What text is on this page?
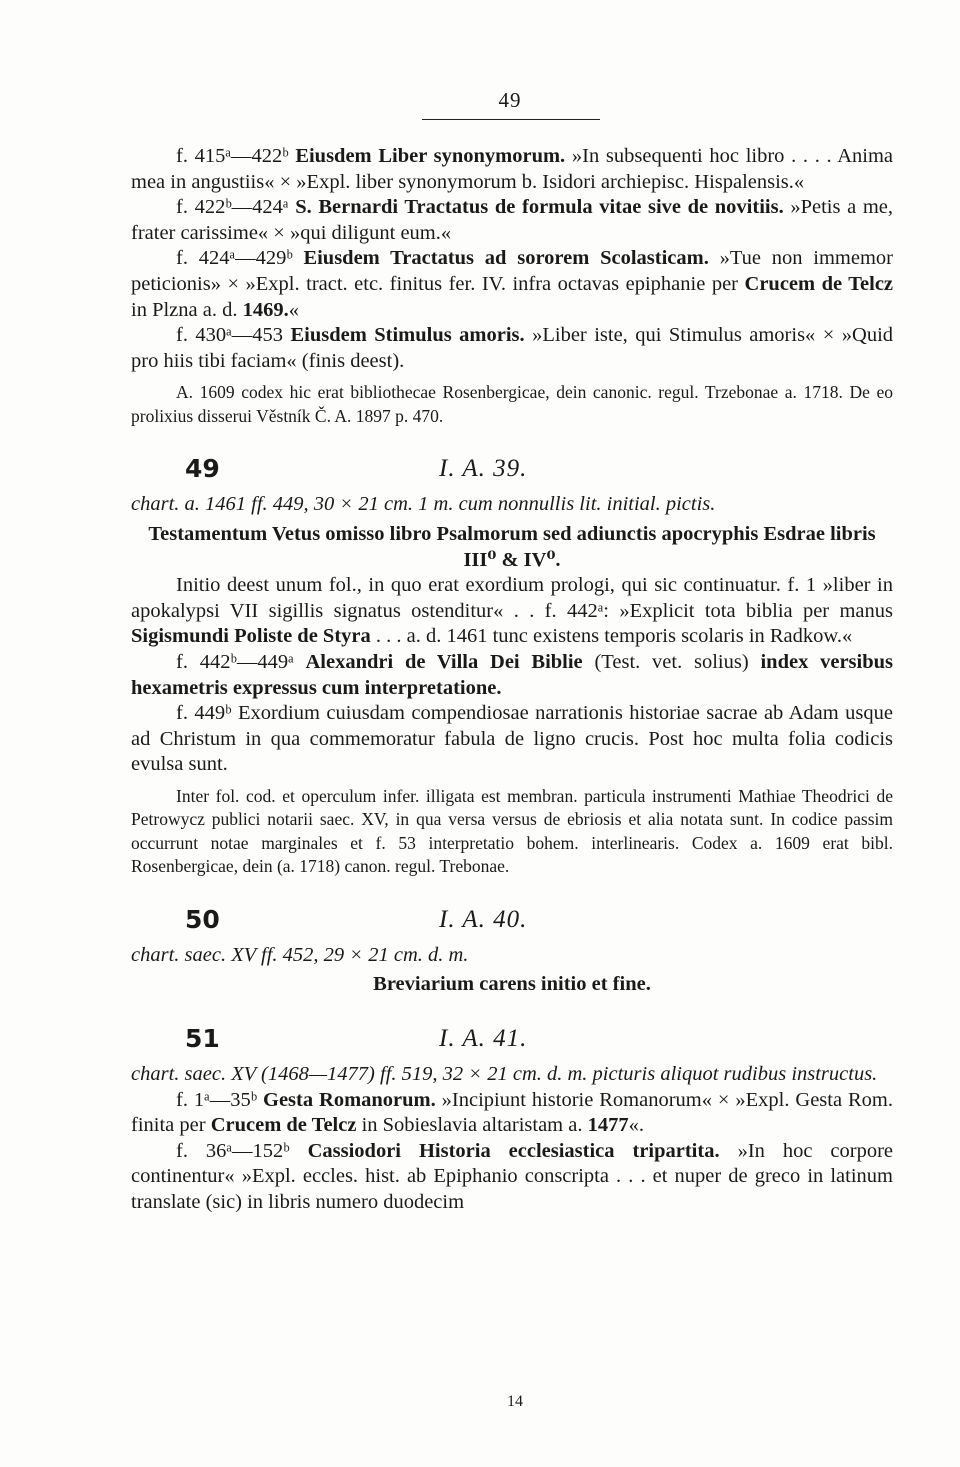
49

f. 415ᵃ—422ᵇ Eiusdem Liber synonymorum. »In subsequenti hoc libro . . . . Anima mea in angustiis« × »Expl. liber synonymorum b. Isidori archiepisc. Hispalensis.«

f. 422ᵇ—424ᵃ S. Bernardi Tractatus de formula vitae sive de novitiis. »Petis a me, frater carissime« × »qui diligunt eum.«

f. 424ᵃ—429ᵇ Eiusdem Tractatus ad sororem Scolasticam. »Tue non immemor peticionis» × »Expl. tract. etc. finitus fer. IV. infra octavas epiphanie per Crucem de Telcz in Plzna a. d. 1469.«

f. 430ᵃ—453 Eiusdem Stimulus amoris. »Liber iste, qui Stimulus amoris« × »Quid pro hiis tibi faciam« (finis deest).

A. 1609 codex hic erat bibliothecae Rosenbergicae, dein canonic. regul. Trzebonae a. 1718. De eo prolixius disserui Věstník Č. A. 1897 p. 470.

49	I. A. 39.

chart. a. 1461 ff. 449, 30 × 21 cm. 1 m. cum nonnullis lit. initial. pictis.

Testamentum Vetus omisso libro Psalmorum sed adiunctis apocryphis Esdrae libris III⁰ & IV⁰.

Initio deest unum fol., in quo erat exordium prologi, qui sic continuatur. f. 1 »liber in apokalypsi VII sigillis signatus ostenditur« . . f. 442ᵃ: »Explicit tota biblia per manus Sigismundi Poliste de Styra . . . a. d. 1461 tunc existens temporis scolaris in Radkow.«

f. 442ᵇ—449ᵃ Alexandri de Villa Dei Biblie (Test. vet. solius) index versibus hexametris expressus cum interpretatione.

f. 449ᵇ Exordium cuiusdam compendiosae narrationis historiae sacrae ab Adam usque ad Christum in qua commemoratur fabula de ligno crucis. Post hoc multa folia codicis evulsa sunt.

Inter fol. cod. et operculum infer. illigata est membran. particula instrumenti Mathiae Theodrici de Petrowycz publici notarii saec. XV, in qua versa versus de ebriosis et alia notata sunt. In codice passim occurrunt notae marginales et f. 53 interpretatio bohem. interlinearis. Codex a. 1609 erat bibl. Rosenbergicae, dein (a. 1718) canon. regul. Trebonae.

50	I. A. 40.

chart. saec. XV ff. 452, 29 × 21 cm. d. m.

Breviarium carens initio et fine.

51	I. A. 41.

chart. saec. XV (1468—1477) ff. 519, 32 × 21 cm. d. m. picturis aliquot rudibus instructus.

f. 1ᵃ—35ᵇ Gesta Romanorum. »Incipiunt historie Romanorum« × »Expl. Gesta Rom. finita per Crucem de Telcz in Sobieslavia altaristam a. 1477«.

f. 36ᵃ—152ᵇ Cassiodori Historia ecclesiastica tripartita. »In hoc corpore continentur« »Expl. eccles. hist. ab Epiphanio conscripta . . . et nuper de greco in latinum translate (sic) in libris numero duodecim

14
